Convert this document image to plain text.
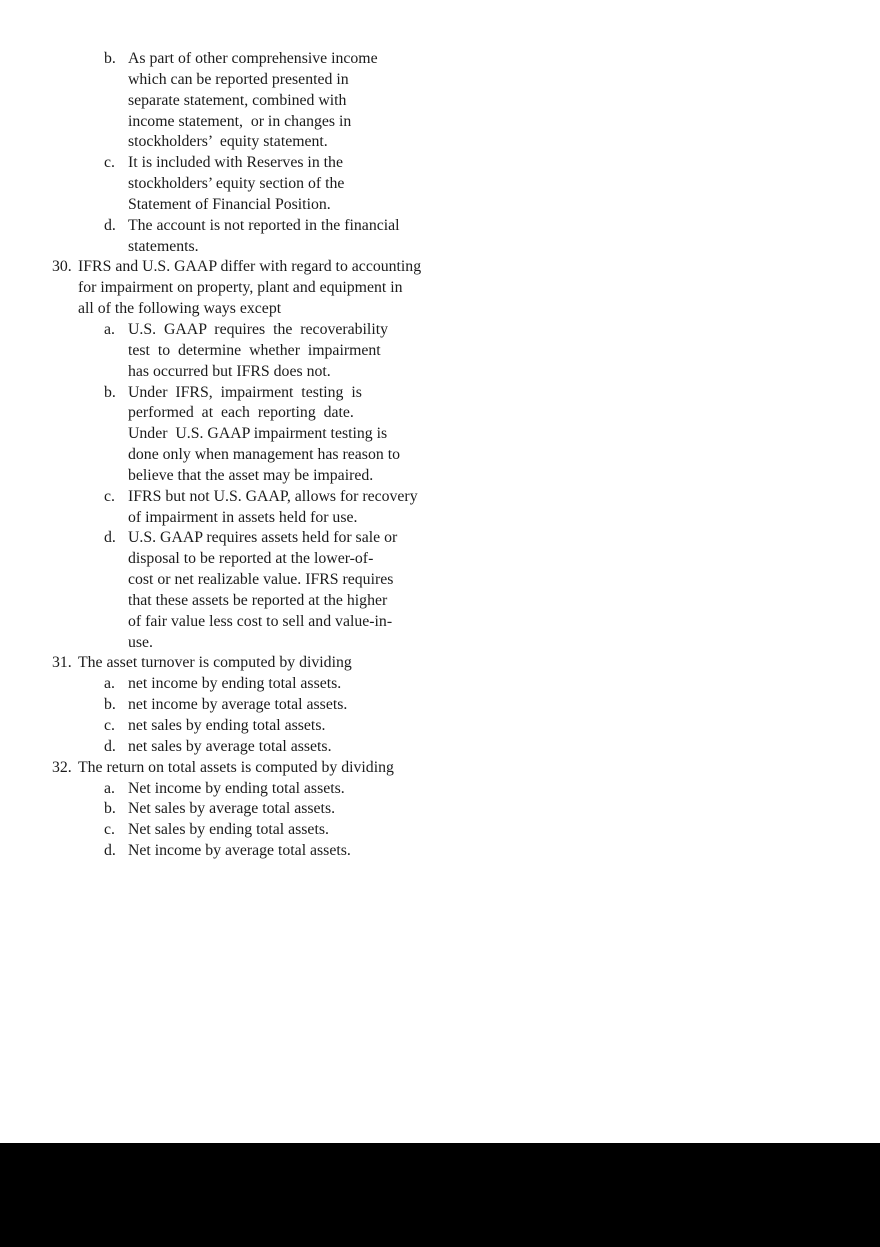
b. As part of other comprehensive income
which can be reported presented in
separate statement, combined with
income statement,  or in changes in
stockholders’  equity statement.
c. It is included with Reserves in the
stockholders’ equity section of the
Statement of Financial Position.
d. The account is not reported in the financial
statements.
30. IFRS and U.S. GAAP differ with regard to accounting
for impairment on property, plant and equipment in
all of the following ways except
a. U.S.  GAAP  requires  the  recoverability
test  to  determine  whether  impairment
has occurred but IFRS does not.
b. Under  IFRS,  impairment  testing  is
performed  at  each  reporting  date.
Under  U.S. GAAP impairment testing is
done only when management has reason to
believe that the asset may be impaired.
c. IFRS but not U.S. GAAP, allows for recovery
of impairment in assets held for use.
d. U.S. GAAP requires assets held for sale or
disposal to be reported at the lower-of-
cost or net realizable value. IFRS requires
that these assets be reported at the higher
of fair value less cost to sell and value-in-
use.
31. The asset turnover is computed by dividing
a. net income by ending total assets.
b. net income by average total assets.
c. net sales by ending total assets.
d. net sales by average total assets.
32. The return on total assets is computed by dividing
a. Net income by ending total assets.
b. Net sales by average total assets.
c. Net sales by ending total assets.
d. Net income by average total assets.
